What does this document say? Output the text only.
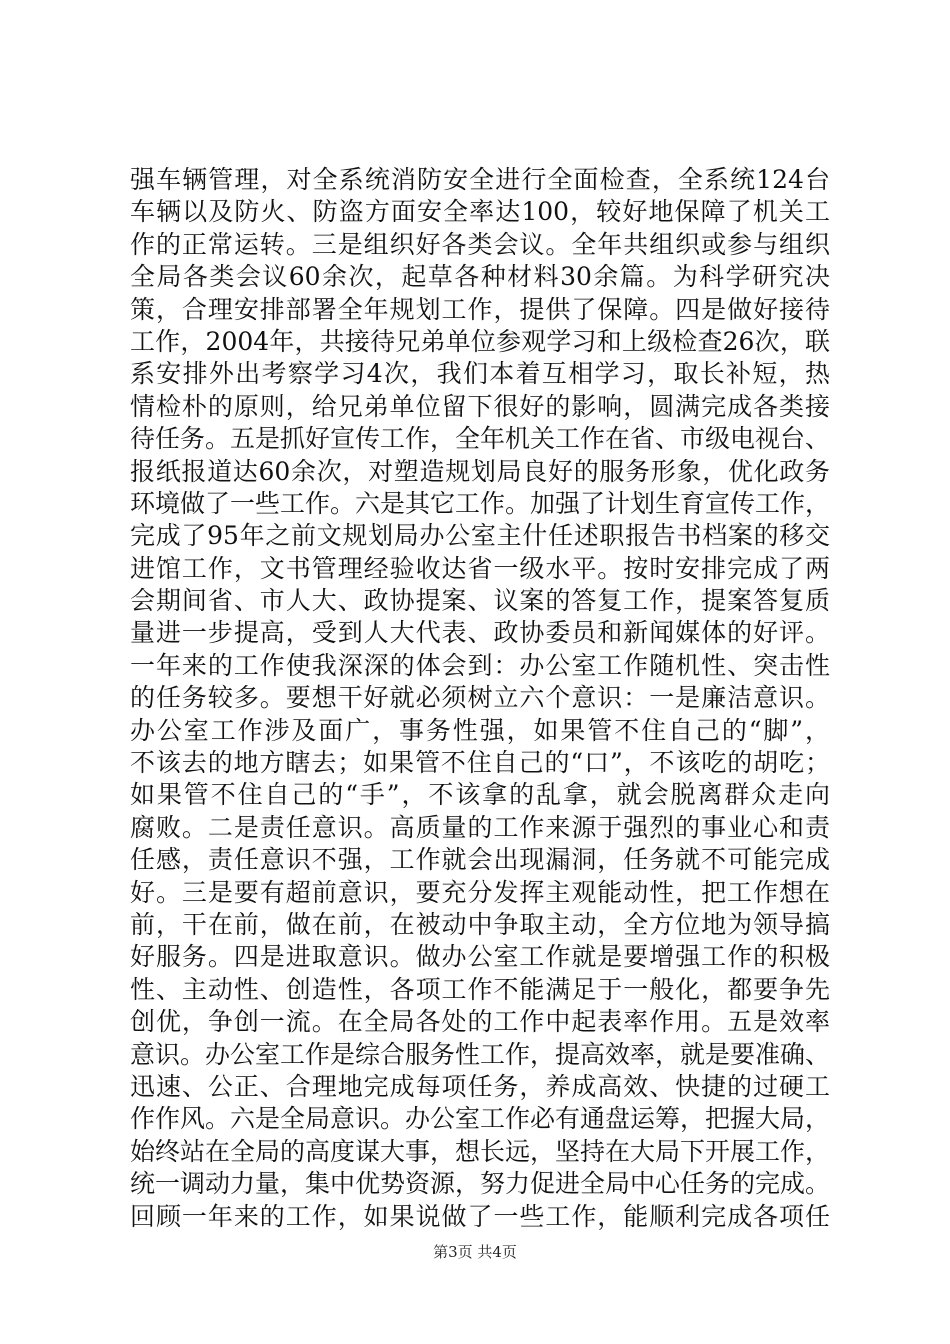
强车辆管理，对全系统消防安全进行全面检查，全系统124台
车辆以及防火、防盗方面安全率达100，较好地保障了机关工
作的正常运转。三是组织好各类会议。全年共组织或参与组织
全局各类会议60余次，起草各种材料30余篇。为科学研究决
策，合理安排部署全年规划工作，提供了保障。四是做好接待
工作，2004年，共接待兄弟单位参观学习和上级检查26次，联
系安排外出考察学习4次，我们本着互相学习，取长补短，热
情检朴的原则，给兄弟单位留下很好的影响，圆满完成各类接
待任务。五是抓好宣传工作，全年机关工作在省、市级电视台、
报纸报道达60余次，对塑造规划局良好的服务形象，优化政务
环境做了一些工作。六是其它工作。加强了计划生育宣传工作，
完成了95年之前文规划局办公室主什任述职报告书档案的移交
进馆工作，文书管理经验收达省一级水平。按时安排完成了两
会期间省、市人大、政协提案、议案的答复工作，提案答复质
量进一步提高，受到人大代表、政协委员和新闻媒体的好评。
一年来的工作使我深深的体会到：办公室工作随机性、突击性
的任务较多。要想干好就必须树立六个意识：一是廉洁意识。
办公室工作涉及面广，事务性强，如果管不住自己的“脚”，
不该去的地方瞎去；如果管不住自己的“口”，不该吃的胡吃；
如果管不住自己的“手”，不该拿的乱拿，就会脱离群众走向
腐败。二是责任意识。高质量的工作来源于强烈的事业心和责
任感，责任意识不强，工作就会出现漏洞，任务就不可能完成
好。三是要有超前意识，要充分发挥主观能动性，把工作想在
前，干在前，做在前，在被动中争取主动，全方位地为领导搞
好服务。四是进取意识。做办公室工作就是要增强工作的积极
性、主动性、创造性，各项工作不能满足于一般化，都要争先
创优，争创一流。在全局各处的工作中起表率作用。五是效率
意识。办公室工作是综合服务性工作，提高效率，就是要准确、
迅速、公正、合理地完成每项任务，养成高效、快捷的过硬工
作作风。六是全局意识。办公室工作必有通盘运筹，把握大局，
始终站在全局的高度谋大事，想长远，坚持在大局下开展工作，
统一调动力量，集中优势资源，努力促进全局中心任务的完成。
回顾一年来的工作，如果说做了一些工作，能顺利完成各项任
第3页 共4页
